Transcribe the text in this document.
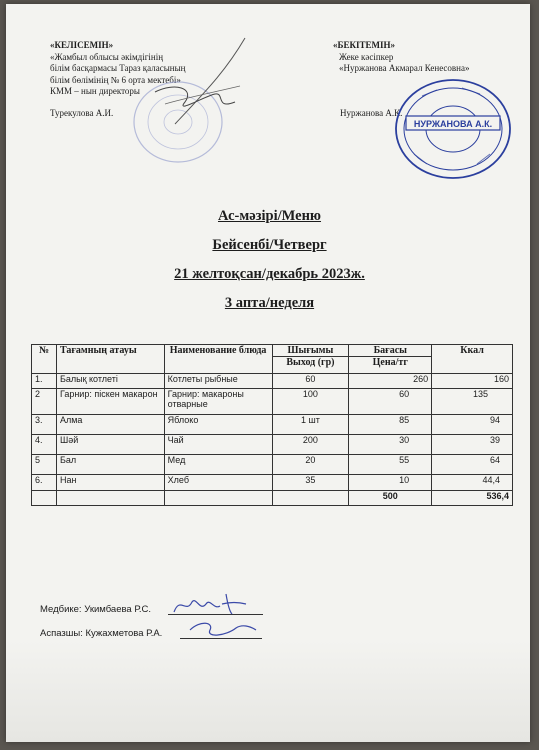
«КЕЛІСЕМІН»
«Жамбыл облысы әкімдігінің
білім басқармасы Тараз қаласының
білім бөлімінің № 6 орта мектебі»
КММ – нын директоры
Турекулова А.И.
«БЕКІТЕМІН»
Жеке кәсіпкер
«Нуржанова Акмарал Кенесовна»
Нуржанова А.К.
НУРЖАНОВА А.К.
Ас-мәзірі/Меню
Бейсенбі/Четверг
21 желтоқсан/декабрь 2023ж.
3 апта/неделя
№	Тағамның атауы	Наименование блюда	Шығымы	Бағасы	Ккал
			Выход (гр)	Цена/тг	
1.	Балық котлеті	Котлеты рыбные	60	260	160
2	Гарнир: піскен макарон	Гарнир: макароны отварные	100	60	135
3.	Алма	Яблоко	1 шт	85	94
4.	Шәй	Чай	200	30	39
5	Бал	Мед	20	55	64
6.	Нан	Хлеб	35	10	44,4
				500	536,4
Медбике: Укимбаева Р.С.
Аспазшы: Кужахметова Р.А.
